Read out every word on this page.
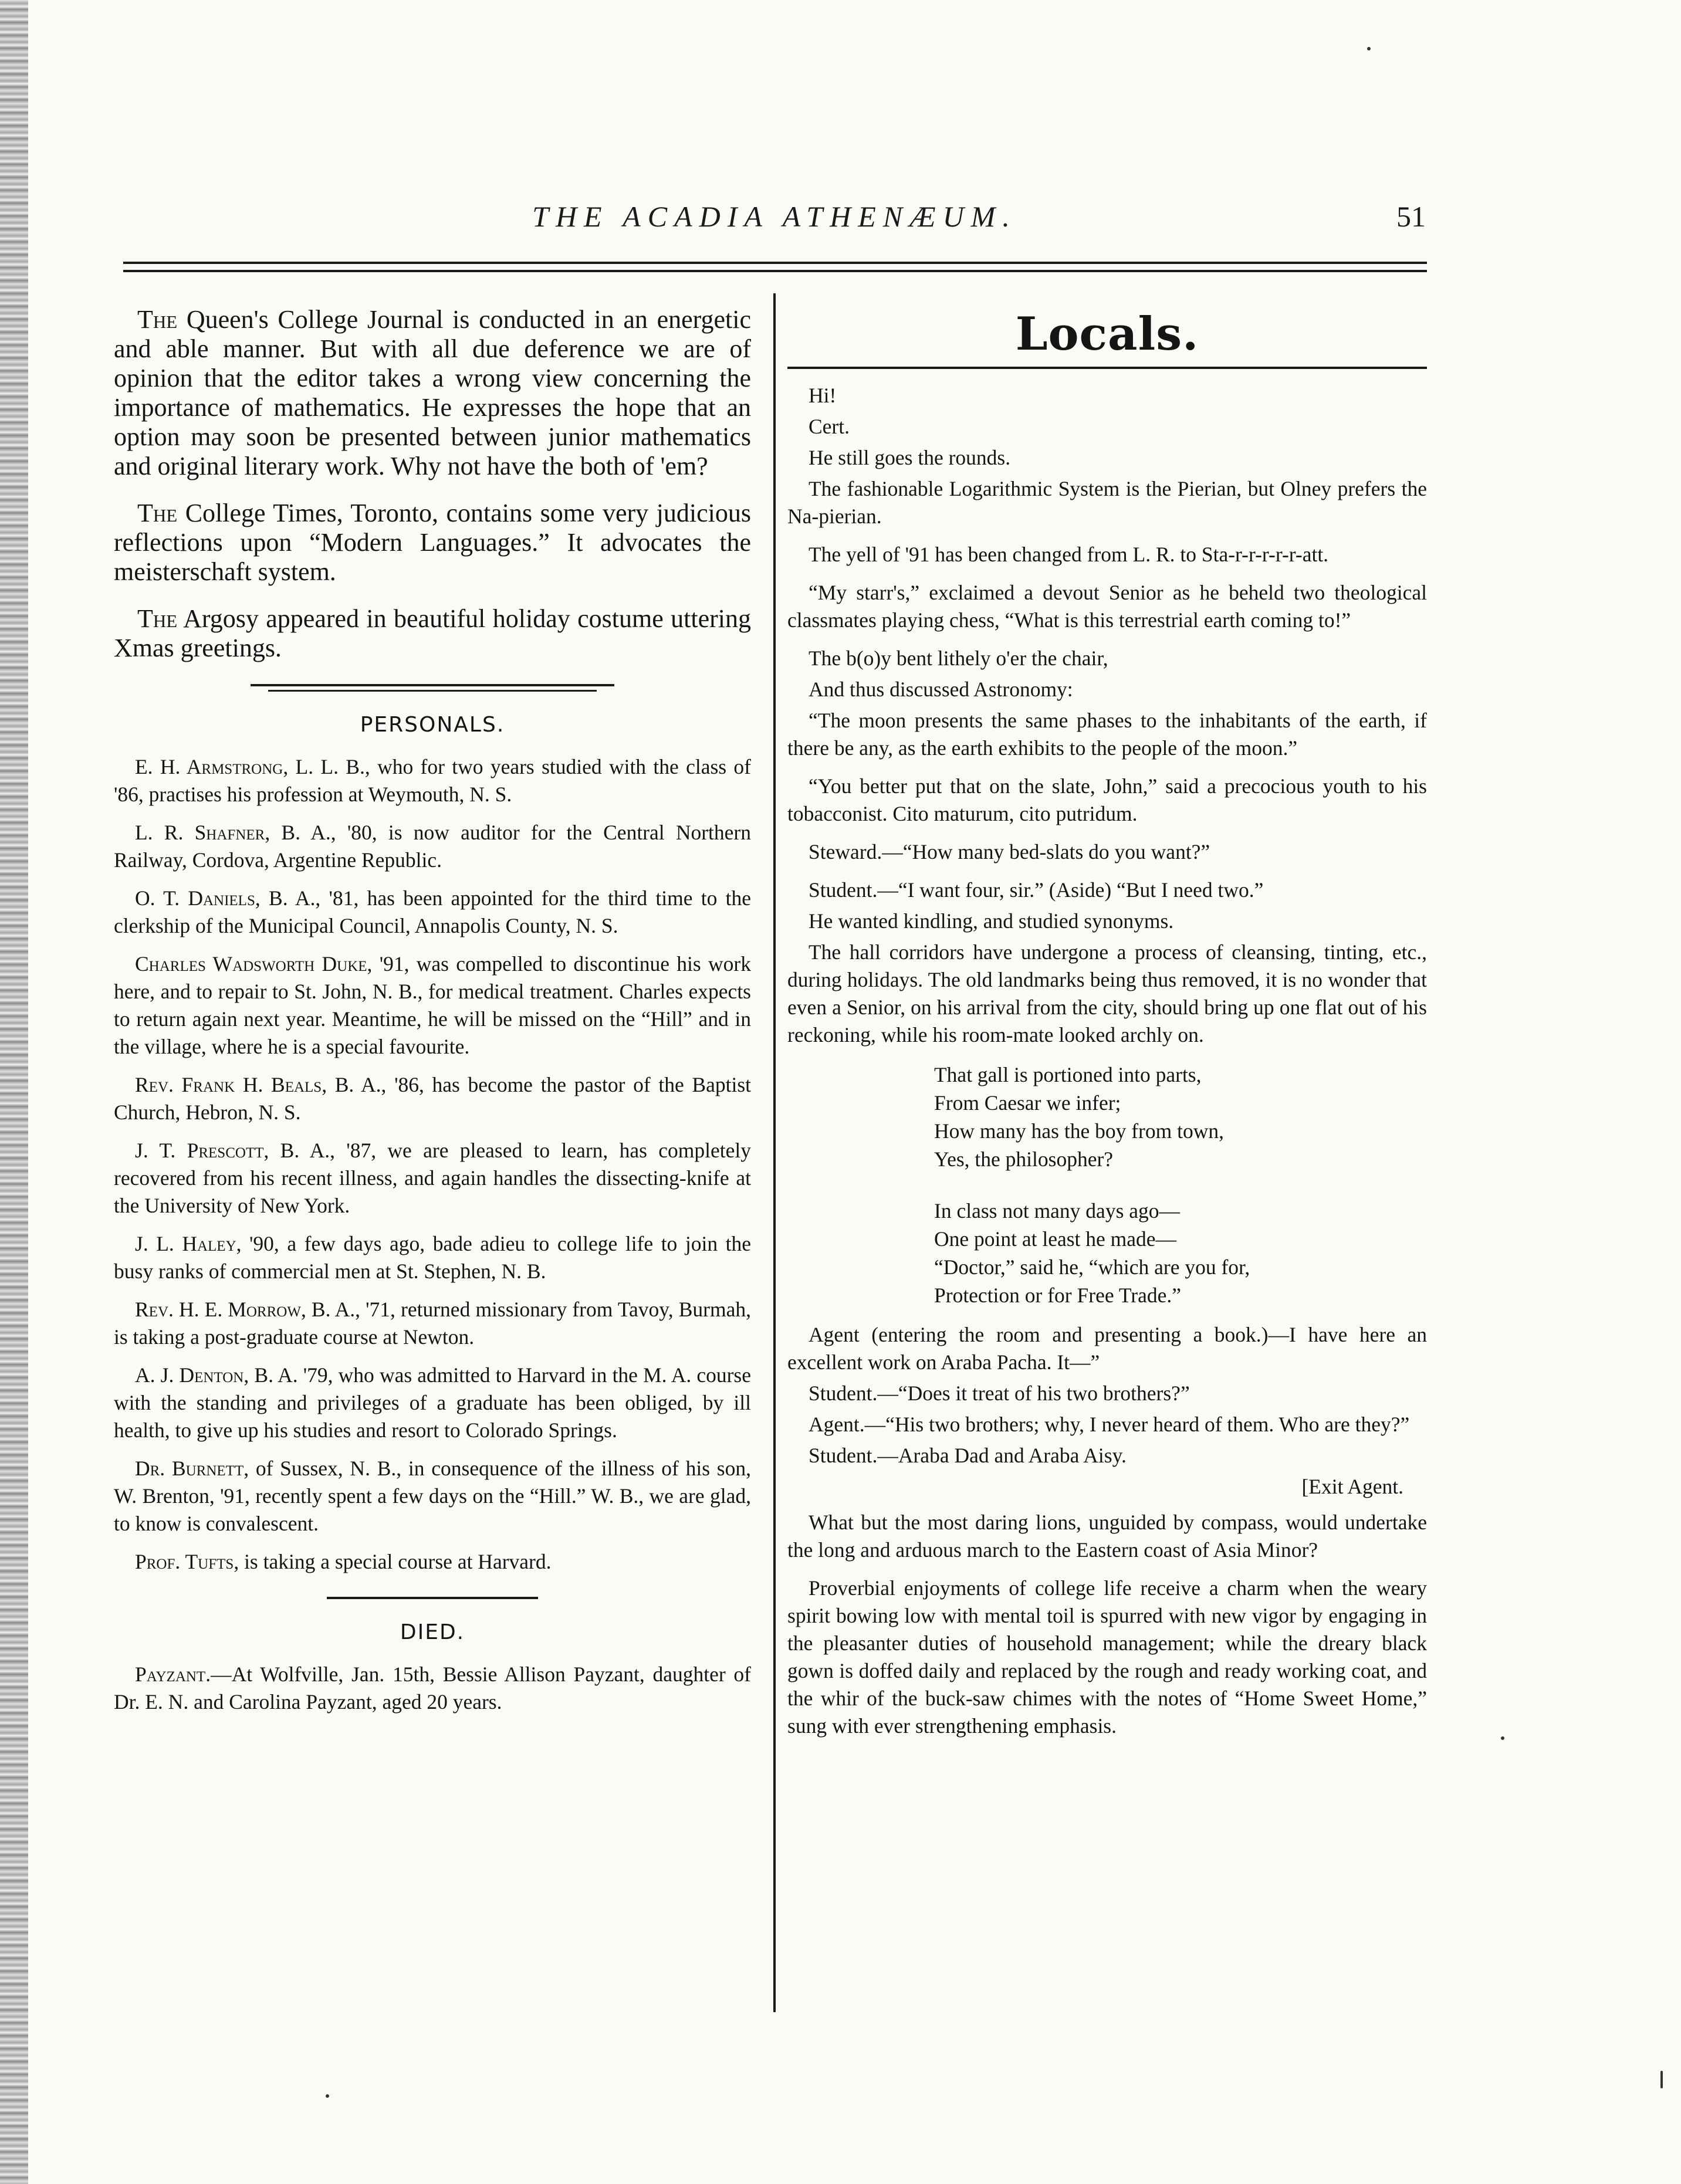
THE ACADIA ATHENÆUM.	51

The Queen's College Journal is conducted in an energetic and able manner. But with all due deference we are of opinion that the editor takes a wrong view concerning the importance of mathematics. He expresses the hope that an option may soon be presented between junior mathematics and original literary work. Why not have the both of 'em?

The College Times, Toronto, contains some very judicious reflections upon “Modern Languages.” It advocates the meisterschaft system.

The Argosy appeared in beautiful holiday costume uttering Xmas greetings.

PERSONALS.

E. H. Armstrong, L. L. B., who for two years studied with the class of '86, practises his profession at Weymouth, N. S.

L. R. Shafner, B. A., '80, is now auditor for the Central Northern Railway, Cordova, Argentine Republic.

O. T. Daniels, B. A., '81, has been appointed for the third time to the clerkship of the Municipal Council, Annapolis County, N. S.

Charles Wadsworth Duke, '91, was compelled to discontinue his work here, and to repair to St. John, N. B., for medical treatment. Charles expects to return again next year. Meantime, he will be missed on the “Hill” and in the village, where he is a special favourite.

Rev. Frank H. Beals, B. A., '86, has become the pastor of the Baptist Church, Hebron, N. S.

J. T. Prescott, B. A., '87, we are pleased to learn, has completely recovered from his recent illness, and again handles the dissecting-knife at the University of New York.

J. L. Haley, '90, a few days ago, bade adieu to college life to join the busy ranks of commercial men at St. Stephen, N. B.

Rev. H. E. Morrow, B. A., '71, returned missionary from Tavoy, Burmah, is taking a post-graduate course at Newton.

A. J. Denton, B. A. '79, who was admitted to Harvard in the M. A. course with the standing and privileges of a graduate has been obliged, by ill health, to give up his studies and resort to Colorado Springs.

Dr. Burnett, of Sussex, N. B., in consequence of the illness of his son, W. Brenton, '91, recently spent a few days on the “Hill.” W. B., we are glad, to know is convalescent.

Prof. Tufts, is taking a special course at Harvard.

DIED.

Payzant.—At Wolfville, Jan. 15th, Bessie Allison Payzant, daughter of Dr. E. N. and Carolina Payzant, aged 20 years.

Locals.

Hi!

Cert.

He still goes the rounds.

The fashionable Logarithmic System is the Pierian, but Olney prefers the Na-pierian.

The yell of '91 has been changed from L. R. to Sta-r-r-r-r-r-att.

“My starr's,” exclaimed a devout Senior as he beheld two theological classmates playing chess, “What is this terrestrial earth coming to!”

The b(o)y bent lithely o'er the chair,

And thus discussed Astronomy:

“The moon presents the same phases to the inhabitants of the earth, if there be any, as the earth exhibits to the people of the moon.”

“You better put that on the slate, John,” said a precocious youth to his tobacconist. Cito maturum, cito putridum.

Steward.—“How many bed-slats do you want?”

Student.—“I want four, sir.” (Aside) “But I need two.”

He wanted kindling, and studied synonyms.

The hall corridors have undergone a process of cleansing, tinting, etc., during holidays. The old landmarks being thus removed, it is no wonder that even a Senior, on his arrival from the city, should bring up one flat out of his reckoning, while his room-mate looked archly on.

That gall is portioned into parts,
From Caesar we infer;
How many has the boy from town,
Yes, the philosopher?
In class not many days ago—
One point at least he made—
“Doctor,” said he, “which are you for,
Protection or for Free Trade.”

Agent (entering the room and presenting a book.)—I have here an excellent work on Araba Pacha. It—”

Student.—“Does it treat of his two brothers?”

Agent.—“His two brothers; why, I never heard of them. Who are they?”

Student.—Araba Dad and Araba Aisy.

[Exit Agent.

What but the most daring lions, unguided by compass, would undertake the long and arduous march to the Eastern coast of Asia Minor?

Proverbial enjoyments of college life receive a charm when the weary spirit bowing low with mental toil is spurred with new vigor by engaging in the pleasanter duties of household management; while the dreary black gown is doffed daily and replaced by the rough and ready working coat, and the whir of the buck-saw chimes with the notes of “Home Sweet Home,” sung with ever strengthening emphasis.
